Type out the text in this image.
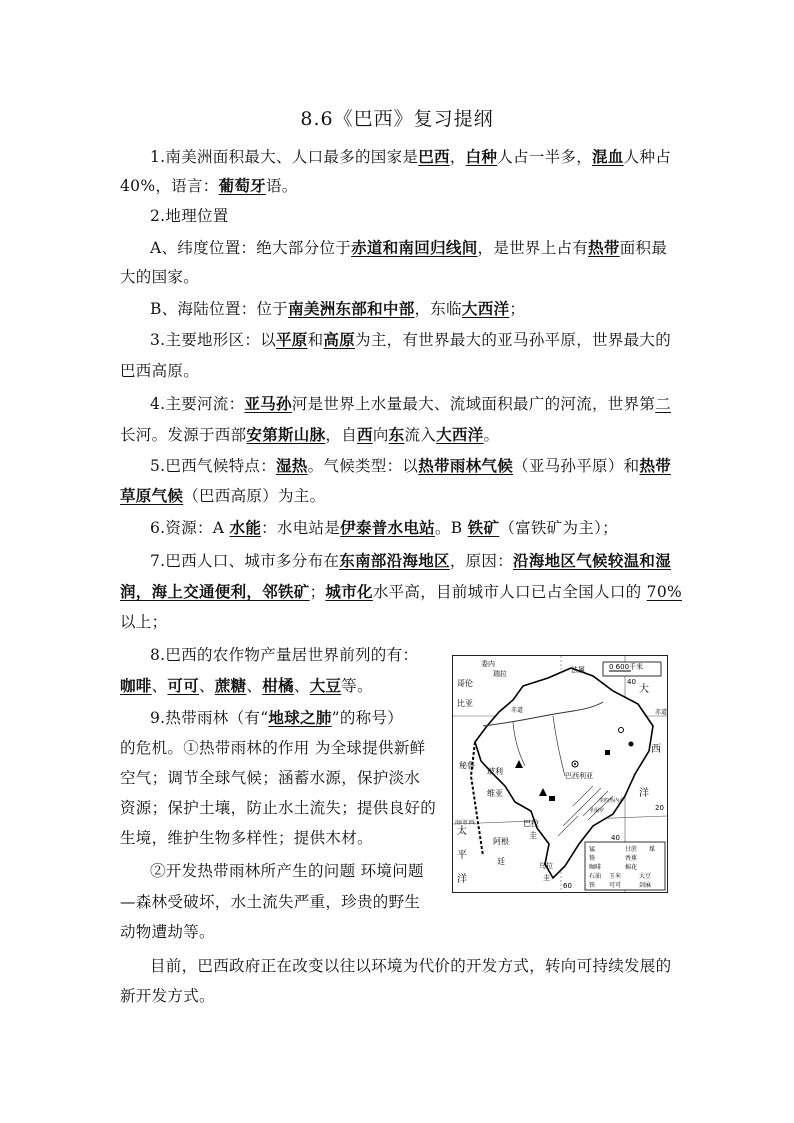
8.6《巴西》复习提纲
1.南美洲面积最大、人口最多的国家是巴西，白种人占一半多，混血人种占
40%，语言：葡萄牙语。
2.地理位置
A、纬度位置：绝大部分位于赤道和南回归线间，是世界上占有热带面积最
大的国家。
B、海陆位置：位于南美洲东部和中部，东临大西洋；
3.主要地形区：以平原和高原为主，有世界最大的亚马孙平原，世界最大的
巴西高原。
4.主要河流：亚马孙河是世界上水量最大、流域面积最广的河流，世界第二
长河。发源于西部安第斯山脉，自西向东流入大西洋。
5.巴西气候特点：湿热。气候类型：以热带雨林气候（亚马孙平原）和热带
草原气候（巴西高原）为主。
6.资源：A 水能：水电站是伊泰普水电站。B 铁矿（富铁矿为主）；
7.巴西人口、城市多分布在东南部沿海地区，原因：沿海地区气候较温和湿
润，海上交通便利，邻铁矿；城市化水平高，目前城市人口已占全国人口的 70%
以上；
8.巴西的农作物产量居世界前列的有：
咖啡、可可、蔗糖、柑橘、大豆等。
9.热带雨林（有“地球之肺”的称号）
的危机。①热带雨林的作用 为全球提供新鲜
空气；调节全球气候；涵蓄水源，保护淡水
资源；保护土壤，防止水土流失；提供良好的
生境，维护生物多样性；提供木材。
②开发热带雨林所产生的问题 环境问题
—森林受破坏，水土流失严重，珍贵的野生
动物遭劫等。
目前，巴西政府正在改变以往以环境为代价的开发方式，转向可持续发展的
新开发方式。
0 600千米
40
60
赤道
20
40
大
西
洋
太
平
洋
委内
瑞拉
哥伦
比亚
秘鲁
玻利
维亚
巴拉
圭
阿根
廷	乌拉
圭
法属
巴西利亚
南回归线
里约热内卢
圣保罗
赤道
锰	甘蔗
铬	香蕉
咖啡	棉花
石油 玉米	大豆
铁 可可	剑麻
煤
